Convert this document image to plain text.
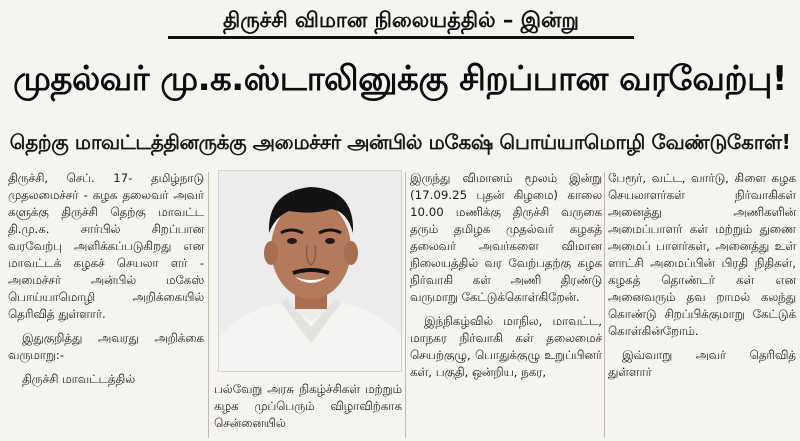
திருச்சி விமான நிலையத்தில் – இன்று
முதல்வர் மு.க.ஸ்டாலினுக்கு சிறப்பான வரவேற்பு!
தெற்கு மாவட்டத்தினருக்கு அமைச்சர் அன்பில் மகேஷ் பொய்யாமொழி வேண்டுகோள்!

திருச்சி, செப். 17- தமிழ்நாடு முதலமைச்சர் - கழக தலைவர் அவர் களுக்கு திருச்சி தெற்கு மாவட்ட தி.மு.க. சார்பில் சிறப்பான வரவேற்பு அளிக்கப்படுகிறது என மாவட்டக் கழகச் செயலா ளர் - அமைச்சர் அன்பில் மகேஸ் பொய்யாமொழி அறிக்கையில் தெரிவித் துள்ளார்.

இதுகுறித்து அவரது அறிக்கை வருமாறு:-

திருச்சி மாவட்டத்தில்

பல்வேறு அரசு நிகழ்ச்சிகள் மற்றும் கழக முப்பெரும் விழாவிற்காக சென்னையில்

இருந்து விமானம் மூலம் இன்று (17.09.25 புதன் கிழமை) காலை 10.00 மணிக்கு திருச்சி வருகை தரும் தமிழக முதல்வர் கழகத் தலைவர் அவர்களை விமான நிலையத்தில் வர வேற்பதற்கு கழக நிர்வாகி கள் அணி திரண்டு வருமாறு கேட்டுக்கொள்கிறேன்.

இந்நிகழ்வில் மாநில, மாவட்ட, மாநகர நிர்வாகி கள் தலைமைச் செயற்குழு, பொதுக்குழு உறுப்பினர் கள், பகுதி, ஒன்றிய, நகர,

பேரூர், வட்ட, வார்டு, கிளை கழக செயலாளர்கள் நிர்வாகிகள் அனைத்து அணிகளின் அமைப்பாளர் கள் மற்றும் துணை அமைப் பாளர்கள், அனைத்து உள் ளாட்சி அமைப்பின் பிரதி நிதிகள், கழகத் தொண்டர் கள் என அனைவரும் தவ றாமல் கலந்து கொண்டு சிறப்பிக்குமாறு கேட்டுக் கொள்கின்றோம்.

இவ்வாறு அவர் தெரிவித் துள்ளார்
